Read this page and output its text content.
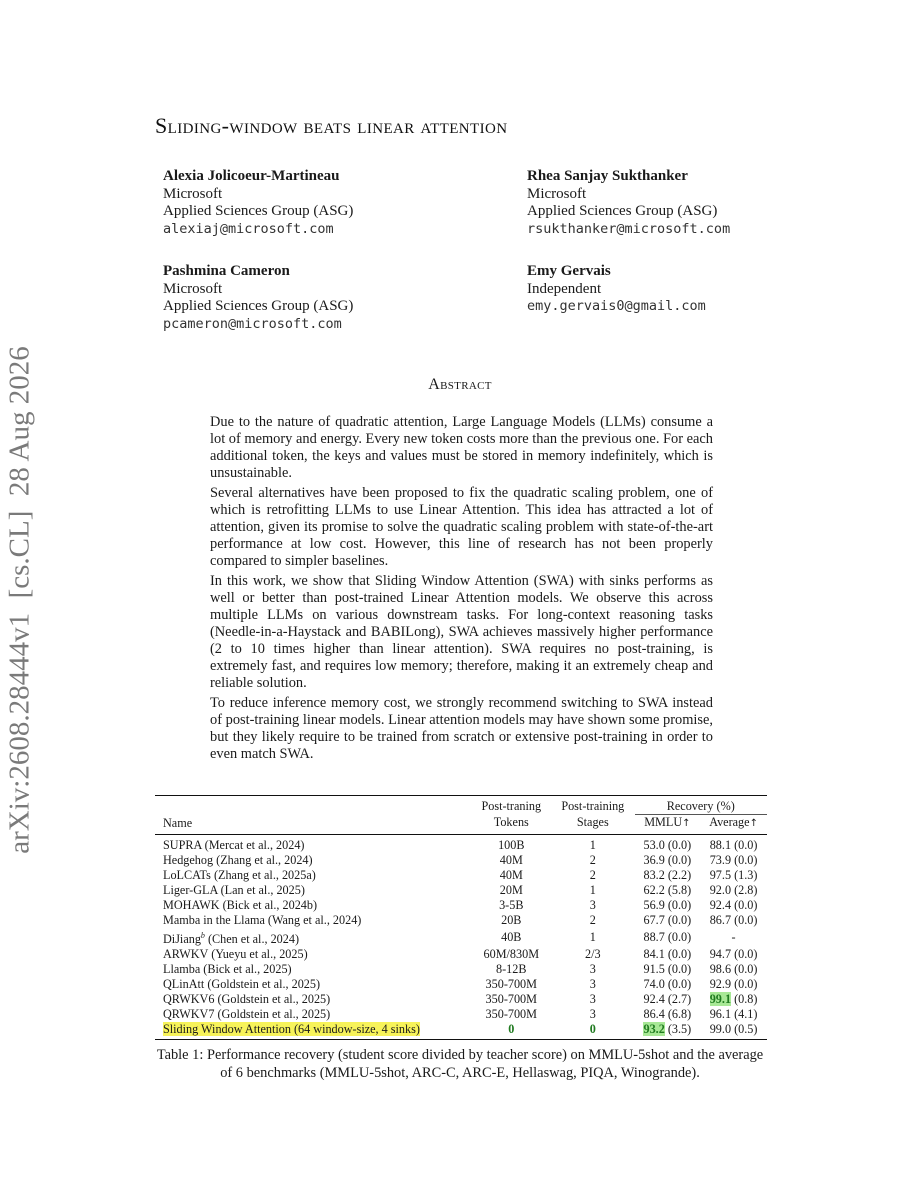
arXiv:2608.28444v1  [cs.CL]  28 Aug 2026
Sliding-window beats linear attention
Alexia Jolicoeur-Martineau
Microsoft
Applied Sciences Group (ASG)
alexiaj@microsoft.com
Rhea Sanjay Sukthanker
Microsoft
Applied Sciences Group (ASG)
rsukthanker@microsoft.com
Pashmina Cameron
Microsoft
Applied Sciences Group (ASG)
pcameron@microsoft.com
Emy Gervais
Independent
emy.gervais0@gmail.com
Abstract

Due to the nature of quadratic attention, Large Language Models (LLMs) consume a lot of memory and energy. Every new token costs more than the previous one. For each additional token, the keys and values must be stored in memory indefinitely, which is unsustainable.

Several alternatives have been proposed to fix the quadratic scaling problem, one of which is retrofitting LLMs to use Linear Attention. This idea has attracted a lot of attention, given its promise to solve the quadratic scaling problem with state-of-the-art performance at low cost. However, this line of research has not been properly compared to simpler baselines.

In this work, we show that Sliding Window Attention (SWA) with sinks performs as well or better than post-trained Linear Attention models. We observe this across multiple LLMs on various downstream tasks. For long-context reasoning tasks (Needle-in-a-Haystack and BABILong), SWA achieves massively higher performance (2 to 10 times higher than linear attention). SWA requires no post-training, is extremely fast, and requires low memory; therefore, making it an extremely cheap and reliable solution.

To reduce inference memory cost, we strongly recommend switching to SWA instead of post-training linear models. Linear attention models may have shown some promise, but they likely require to be trained from scratch or extensive post-training in order to even match SWA.

Name	Post-traning	Post-training	Recovery (%)	
	Tokens	Stages	MMLU↑	Average↑
SUPRA (Mercat et al., 2024)	100B	1	53.0 (0.0)	88.1 (0.0)
Hedgehog (Zhang et al., 2024)	40M	2	36.9 (0.0)	73.9 (0.0)
LoLCATs (Zhang et al., 2025a)	40M	2	83.2 (2.2)	97.5 (1.3)
Liger-GLA (Lan et al., 2025)	20M	1	62.2 (5.8)	92.0 (2.8)
MOHAWK (Bick et al., 2024b)	3-5B	3	56.9 (0.0)	92.4 (0.0)
Mamba in the Llama (Wang et al., 2024)	20B	2	67.7 (0.0)	86.7 (0.0)
DiJiang$^b$ (Chen et al., 2024)	40B	1	88.7 (0.0)	-
ARWKV (Yueyu et al., 2025)	60M/830M	2/3	84.1 (0.0)	94.7 (0.0)
Llamba (Bick et al., 2025)	8-12B	3	91.5 (0.0)	98.6 (0.0)
QLinAtt (Goldstein et al., 2025)	350-700M	3	74.0 (0.0)	92.9 (0.0)
QRWKV6 (Goldstein et al., 2025)	350-700M	3	92.4 (2.7)	99.1 (0.8)
QRWKV7 (Goldstein et al., 2025)	350-700M	3	86.4 (6.8)	96.1 (4.1)
Sliding Window Attention (64 window-size, 4 sinks)	0	0	93.2 (3.5)	99.0 (0.5)
Table 1: Performance recovery (student score divided by teacher score) on MMLU-5shot and the average of 6 benchmarks (MMLU-5shot, ARC-C, ARC-E, Hellaswag, PIQA, Winogrande).
